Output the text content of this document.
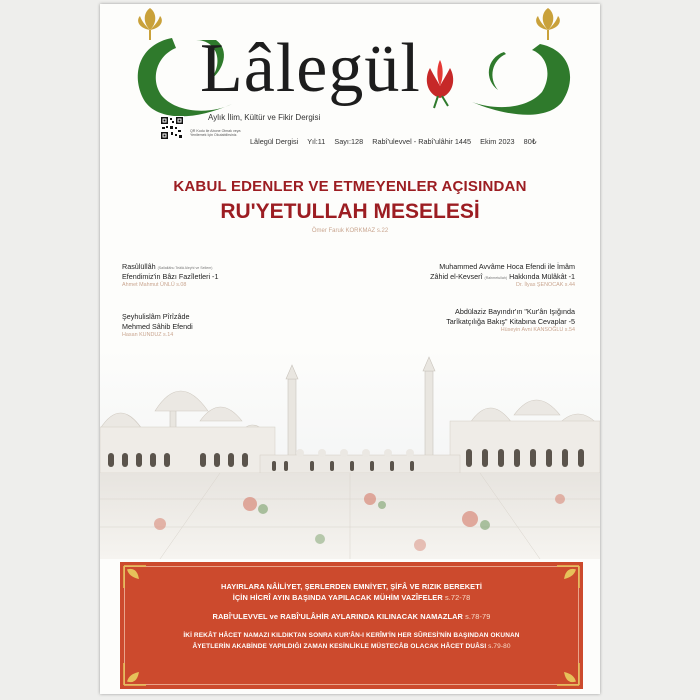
Lâlegül
Aylık İlim, Kültür ve Fikir Dergisi
QR Kodu ile Abone Olmak veya Yenilemek İçin Okutabilirsiniz.
Lâlegül Dergisi Yıl:11 Sayı:128 Rabî'ulevvel - Rabî'ulâhir 1445 Ekim 2023 80₺
KABUL EDENLER VE ETMEYENLER AÇISINDAN
RU'YETULLAH MESELESİ
Ömer Faruk KORKMAZ s.22
Rasûlüllâh (Sallallâhu Teâlâ Aleyhi ve Sellem)
Efendimiz'in Bâzı Fazîletleri -1
Ahmet Mahmut ÜNLÜ s.08
Şeyhulislâm Pîrîzâde
Mehmed Sâhib Efendi
Hasan KUNDUZ s.14
Muhammed Avvâme Hoca Efendi ile İmâm
Zâhid el-Kevserî (Rahmetullah) Hakkında Mülâkât -1
Dr. İlyas ŞENOCAK s.44
Abdülaziz Bayındır'ın "Kur'ân Işığında
Tarîkatçılığa Bakış" Kitabına Cevaplar -5
Hüseyin Avni KANSOĞLU s.54

HAYIRLARA NÂİLİYET, ŞERLERDEN EMNİYET, ŞİFÂ VE RIZIK BEREKETİ
İÇİN HİCRÎ AYIN BAŞINDA YAPILACAK MÜHİM VAZÎFELER s.72-78
RABÎ'ULEVVEL ve RABÎ'ULÂHİR AYLARINDA KILINACAK NAMAZLAR s.78-79
İKİ REKÂT HÂCET NAMAZI KILDIKTAN SONRA KUR'ÂN-I KERÎM'İN HER SÛRESİ'NİN BAŞINDAN OKUNAN
ÂYETLERİN AKABİNDE YAPILDIĞI ZAMAN KESİNLİKLE MÜSTECÂB OLACAK HÂCET DUÂSI s.79-80
